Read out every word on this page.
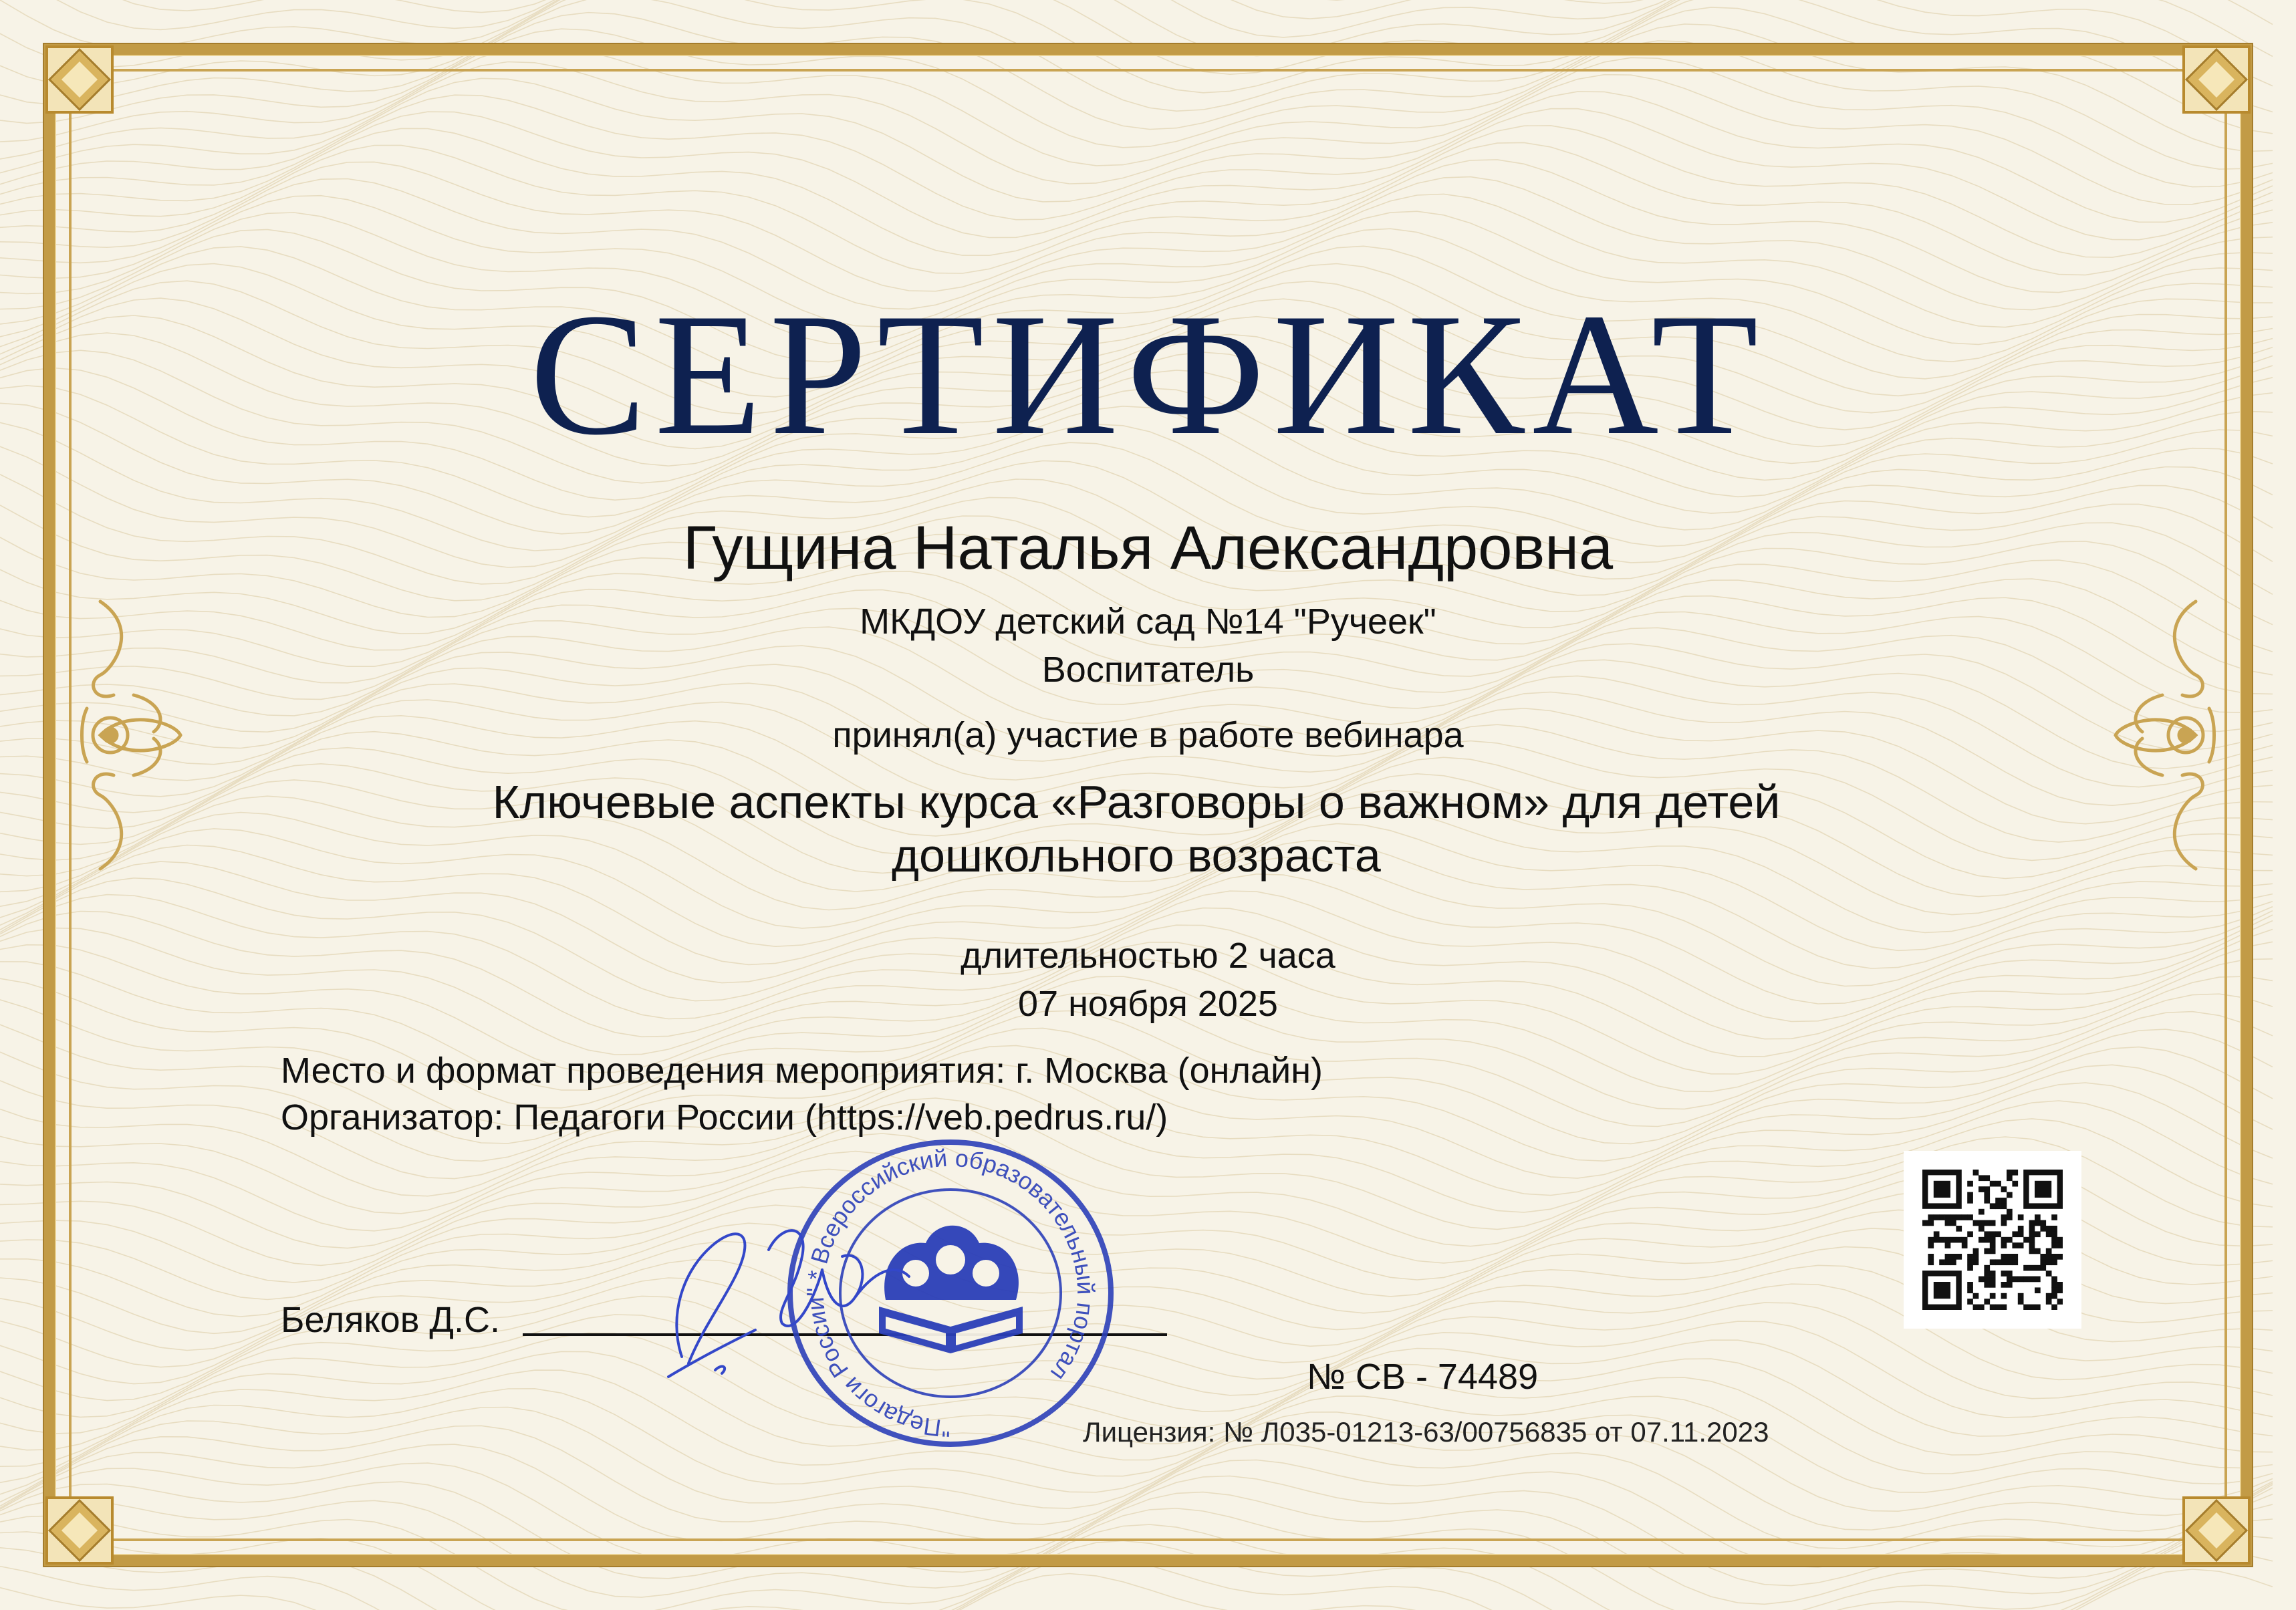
СЕРТИФИКАТ
Гущина Наталья Александровна
МКДОУ детский сад №14 "Ручеек"
Воспитатель
принял(а) участие в работе вебинара
Ключевые аспекты курса «Разговоры о важном» для детей
дошкольного возраста
длительностью 2 часа
07 ноября 2025
Место и формат проведения мероприятия: г. Москва (онлайн)
Организатор: Педагоги России (https://veb.pedrus.ru/)
Беляков Д.С.
"Педагоги России" * Всероссийский образовательный портал	№ СВ - 74489
Лицензия: № Л035-01213-63/00756835 от 07.11.2023
